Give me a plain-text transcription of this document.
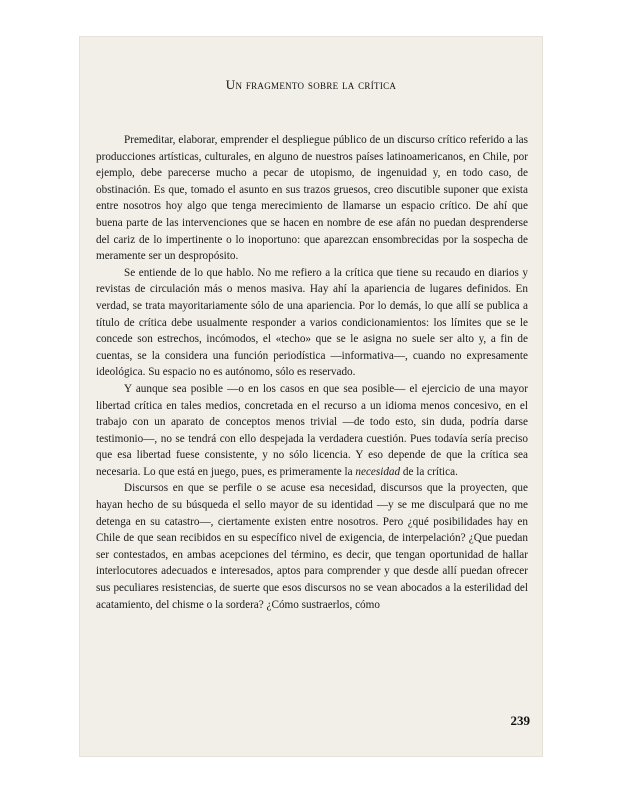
Un fragmento sobre la crítica

Premeditar, elaborar, emprender el despliegue público de un discurso crítico referido a las producciones artísticas, culturales, en alguno de nuestros países latinoamericanos, en Chile, por ejemplo, debe parecerse mucho a pecar de utopismo, de ingenuidad y, en todo caso, de obstinación. Es que, tomado el asunto en sus trazos gruesos, creo discutible suponer que exista entre nosotros hoy algo que tenga merecimiento de llamarse un espacio crítico. De ahí que buena parte de las intervenciones que se hacen en nombre de ese afán no puedan desprenderse del cariz de lo impertinente o lo inoportuno: que aparezcan ensombrecidas por la sospecha de meramente ser un despropósito.

Se entiende de lo que hablo. No me refiero a la crítica que tiene su recaudo en diarios y revistas de circulación más o menos masiva. Hay ahí la apariencia de lugares definidos. En verdad, se trata mayoritariamente sólo de una apariencia. Por lo demás, lo que allí se publica a título de crítica debe usualmente responder a varios condicionamientos: los límites que se le concede son estrechos, incómodos, el «techo» que se le asigna no suele ser alto y, a fin de cuentas, se la considera una función periodística —informativa—, cuando no expresamente ideológica. Su espacio no es autónomo, sólo es reservado.

Y aunque sea posible —o en los casos en que sea posible— el ejercicio de una mayor libertad crítica en tales medios, concretada en el recurso a un idioma menos concesivo, en el trabajo con un aparato de conceptos menos trivial —de todo esto, sin duda, podría darse testimonio—, no se tendrá con ello despejada la verdadera cuestión. Pues todavía sería preciso que esa libertad fuese consistente, y no sólo licencia. Y eso depende de que la crítica sea necesaria. Lo que está en juego, pues, es primeramente la necesidad de la crítica.

Discursos en que se perfile o se acuse esa necesidad, discursos que la proyecten, que hayan hecho de su búsqueda el sello mayor de su identidad —y se me disculpará que no me detenga en su catastro—, ciertamente existen entre nosotros. Pero ¿qué posibilidades hay en Chile de que sean recibidos en su específico nivel de exigencia, de interpelación? ¿Que puedan ser contestados, en ambas acepciones del término, es decir, que tengan oportunidad de hallar interlocutores adecuados e interesados, aptos para comprender y que desde allí puedan ofrecer sus peculiares resistencias, de suerte que esos discursos no se vean abocados a la esterilidad del acatamiento, del chisme o la sordera? ¿Cómo sustraerlos, cómo

239
